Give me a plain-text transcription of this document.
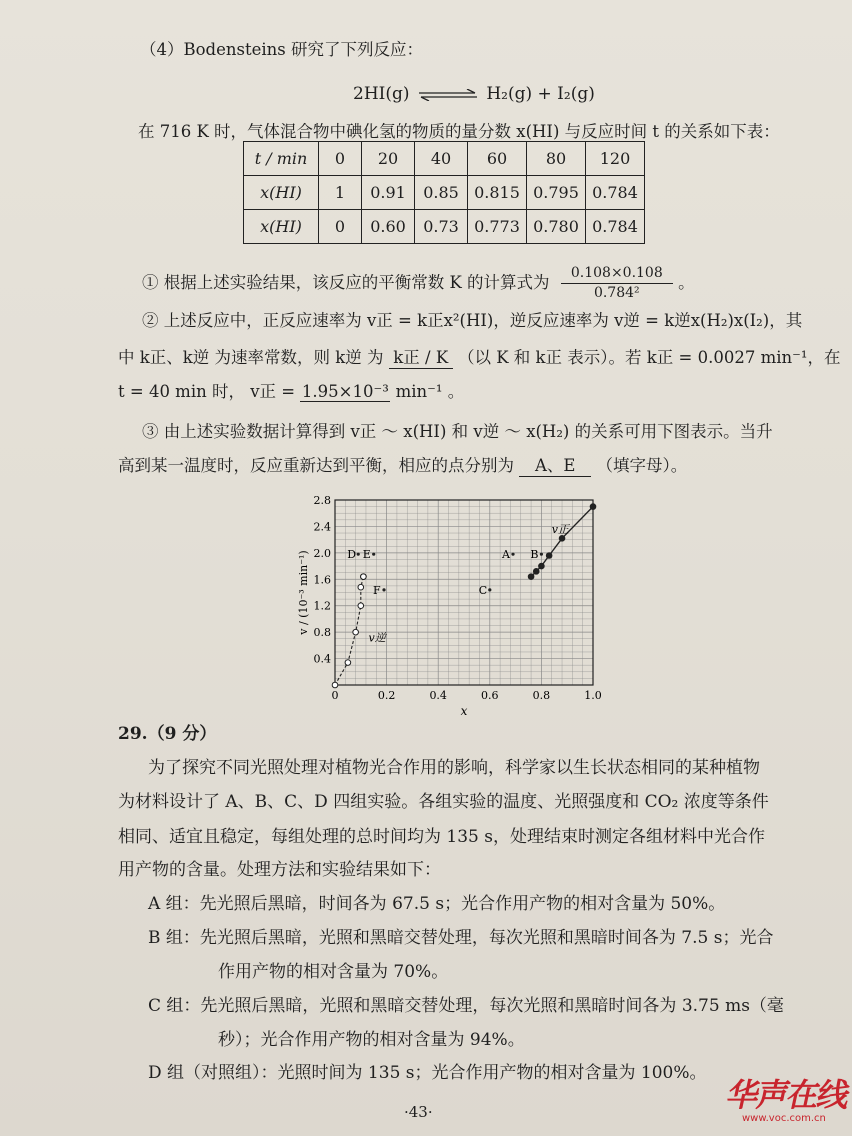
（4）Bodensteins 研究了下列反应：
2HI(g) ⇌ H₂(g) + I₂(g)
在 716 K 时，气体混合物中碘化氢的物质的量分数 x(HI) 与反应时间 t 的关系如下表：
t / min	0	20	40	60	80	120
x(HI)	1	0.91	0.85	0.815	0.795	0.784
x(HI)	0	0.60	0.73	0.773	0.780	0.784
① 根据上述实验结果，该反应的平衡常数 K 的计算式为 $\frac{0.108\times 0.108}{\text{0.784²}}$ 。
② 上述反应中，正反应速率为 v正 = k正x²(HI)，逆反应速率为 v逆 = k逆x(H₂)x(I₂)，其
中 k正、k逆 为速率常数，则 k逆 为 k正 / K （以 K 和 k正 表示）。若 k正 = 0.0027 min⁻¹，在
t = 40 min 时， v正 = 1.95×10⁻³ min⁻¹ 。
③ 由上述实验数据计算得到 v正 ～ x(HI) 和 v逆 ～ x(H₂) 的关系可用下图表示。当升
高到某一温度时，反应重新达到平衡，相应的点分别为 A、E （填字母）。
0	0.2	0.4	0.6	0.8	1.0
0.4
0.8
1.2
1.6
2.0
2.4
2.8
x
v / (10⁻³ min⁻¹)
v正
v逆
A B
C
D E
F
29.（9 分）
为了探究不同光照处理对植物光合作用的影响，科学家以生长状态相同的某种植物
为材料设计了 A、B、C、D 四组实验。各组实验的温度、光照强度和 CO₂ 浓度等条件
相同、适宜且稳定，每组处理的总时间均为 135 s，处理结束时测定各组材料中光合作
用产物的含量。处理方法和实验结果如下：
A 组：先光照后黑暗，时间各为 67.5 s；光合作用产物的相对含量为 50%。
B 组：先光照后黑暗，光照和黑暗交替处理，每次光照和黑暗时间各为 7.5 s；光合
作用产物的相对含量为 70%。
C 组：先光照后黑暗，光照和黑暗交替处理，每次光照和黑暗时间各为 3.75 ms（毫
秒）；光合作用产物的相对含量为 94%。
D 组（对照组）：光照时间为 135 s；光合作用产物的相对含量为 100%。
·43·	华声在线
www.voc.com.cn
